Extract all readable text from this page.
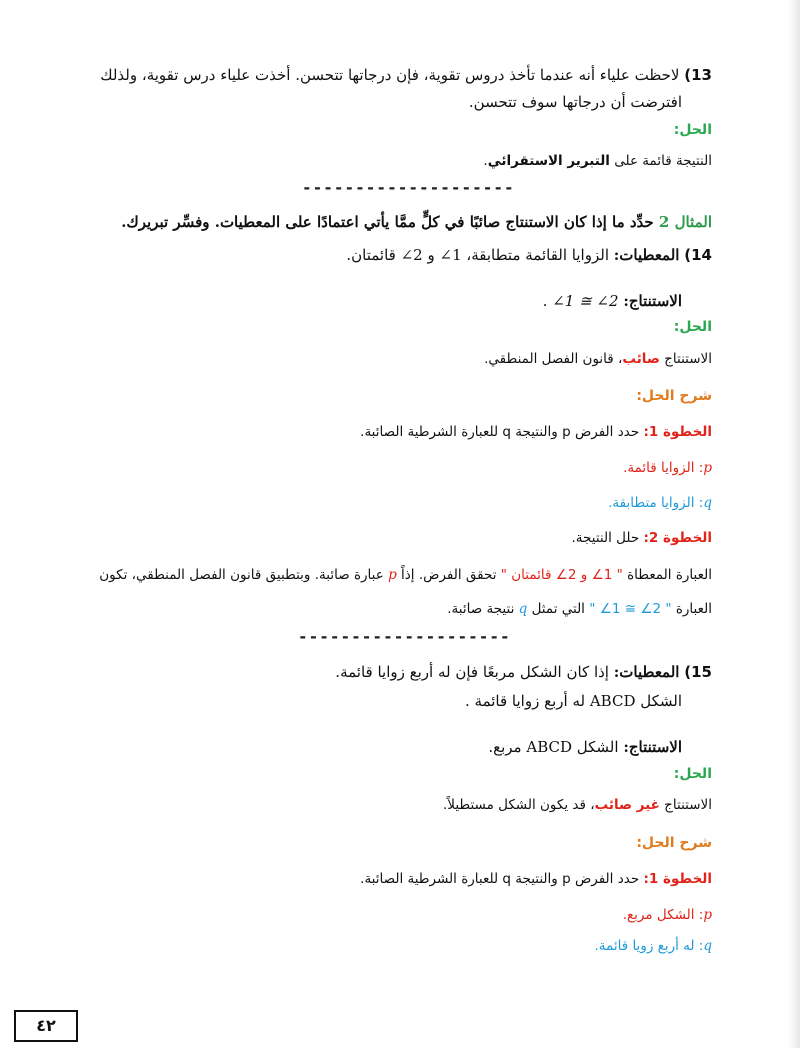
13) لاحظت علياء أنه عندما تأخذ دروس تقوية، فإن درجاتها تتحسن. أخذت علياء درس تقوية، ولذلك
افترضت أن درجاتها سوف تتحسن.
الحل:
النتيجة قائمة على التبرير الاستقرائي.
--------------------
المثال 2 حدِّد ما إذا كان الاستنتاج صائبًا في كلٍّ ممَّا يأتي اعتمادًا على المعطيات. وفسِّر تبريرك.
14) المعطيات: الزوايا القائمة متطابقة، ‎∠1‎ و ‎∠2‎ قائمتان.
الاستنتاج: ‎∠1 ≅ ∠2‎ .
الحل:
الاستنتاج صائب، قانون الفصل المنطقي.
شرح الحل:
الخطوة 1: حدد الفرض p والنتيجة q للعبارة الشرطية الصائبة.
p: الزوايا قائمة.
q: الزوايا متطابقة.
الخطوة 2: حلل النتيجة.
العبارة المعطاة " ‎∠1‎ و ‎∠2‎ قائمتان " تحقق الفرض. إذاً p عبارة صائبة. وبتطبيق قانون الفصل المنطقي، تكون
العبارة " ‎∠1 ≅ ∠2‎ " التي تمثل q نتيجة صائبة.
--------------------
15) المعطيات: إذا كان الشكل مربعًا فإن له أربع زوايا قائمة.
الشكل ABCD له أربع زوايا قائمة .
الاستنتاج: الشكل ABCD مربع.
الحل:
الاستنتاج غير صائب، قد يكون الشكل مستطيلاً.
شرح الحل:
الخطوة 1: حدد الفرض p والنتيجة q للعبارة الشرطية الصائبة.
p: الشكل مربع.
q: له أربع زويا قائمة.
٤٢
